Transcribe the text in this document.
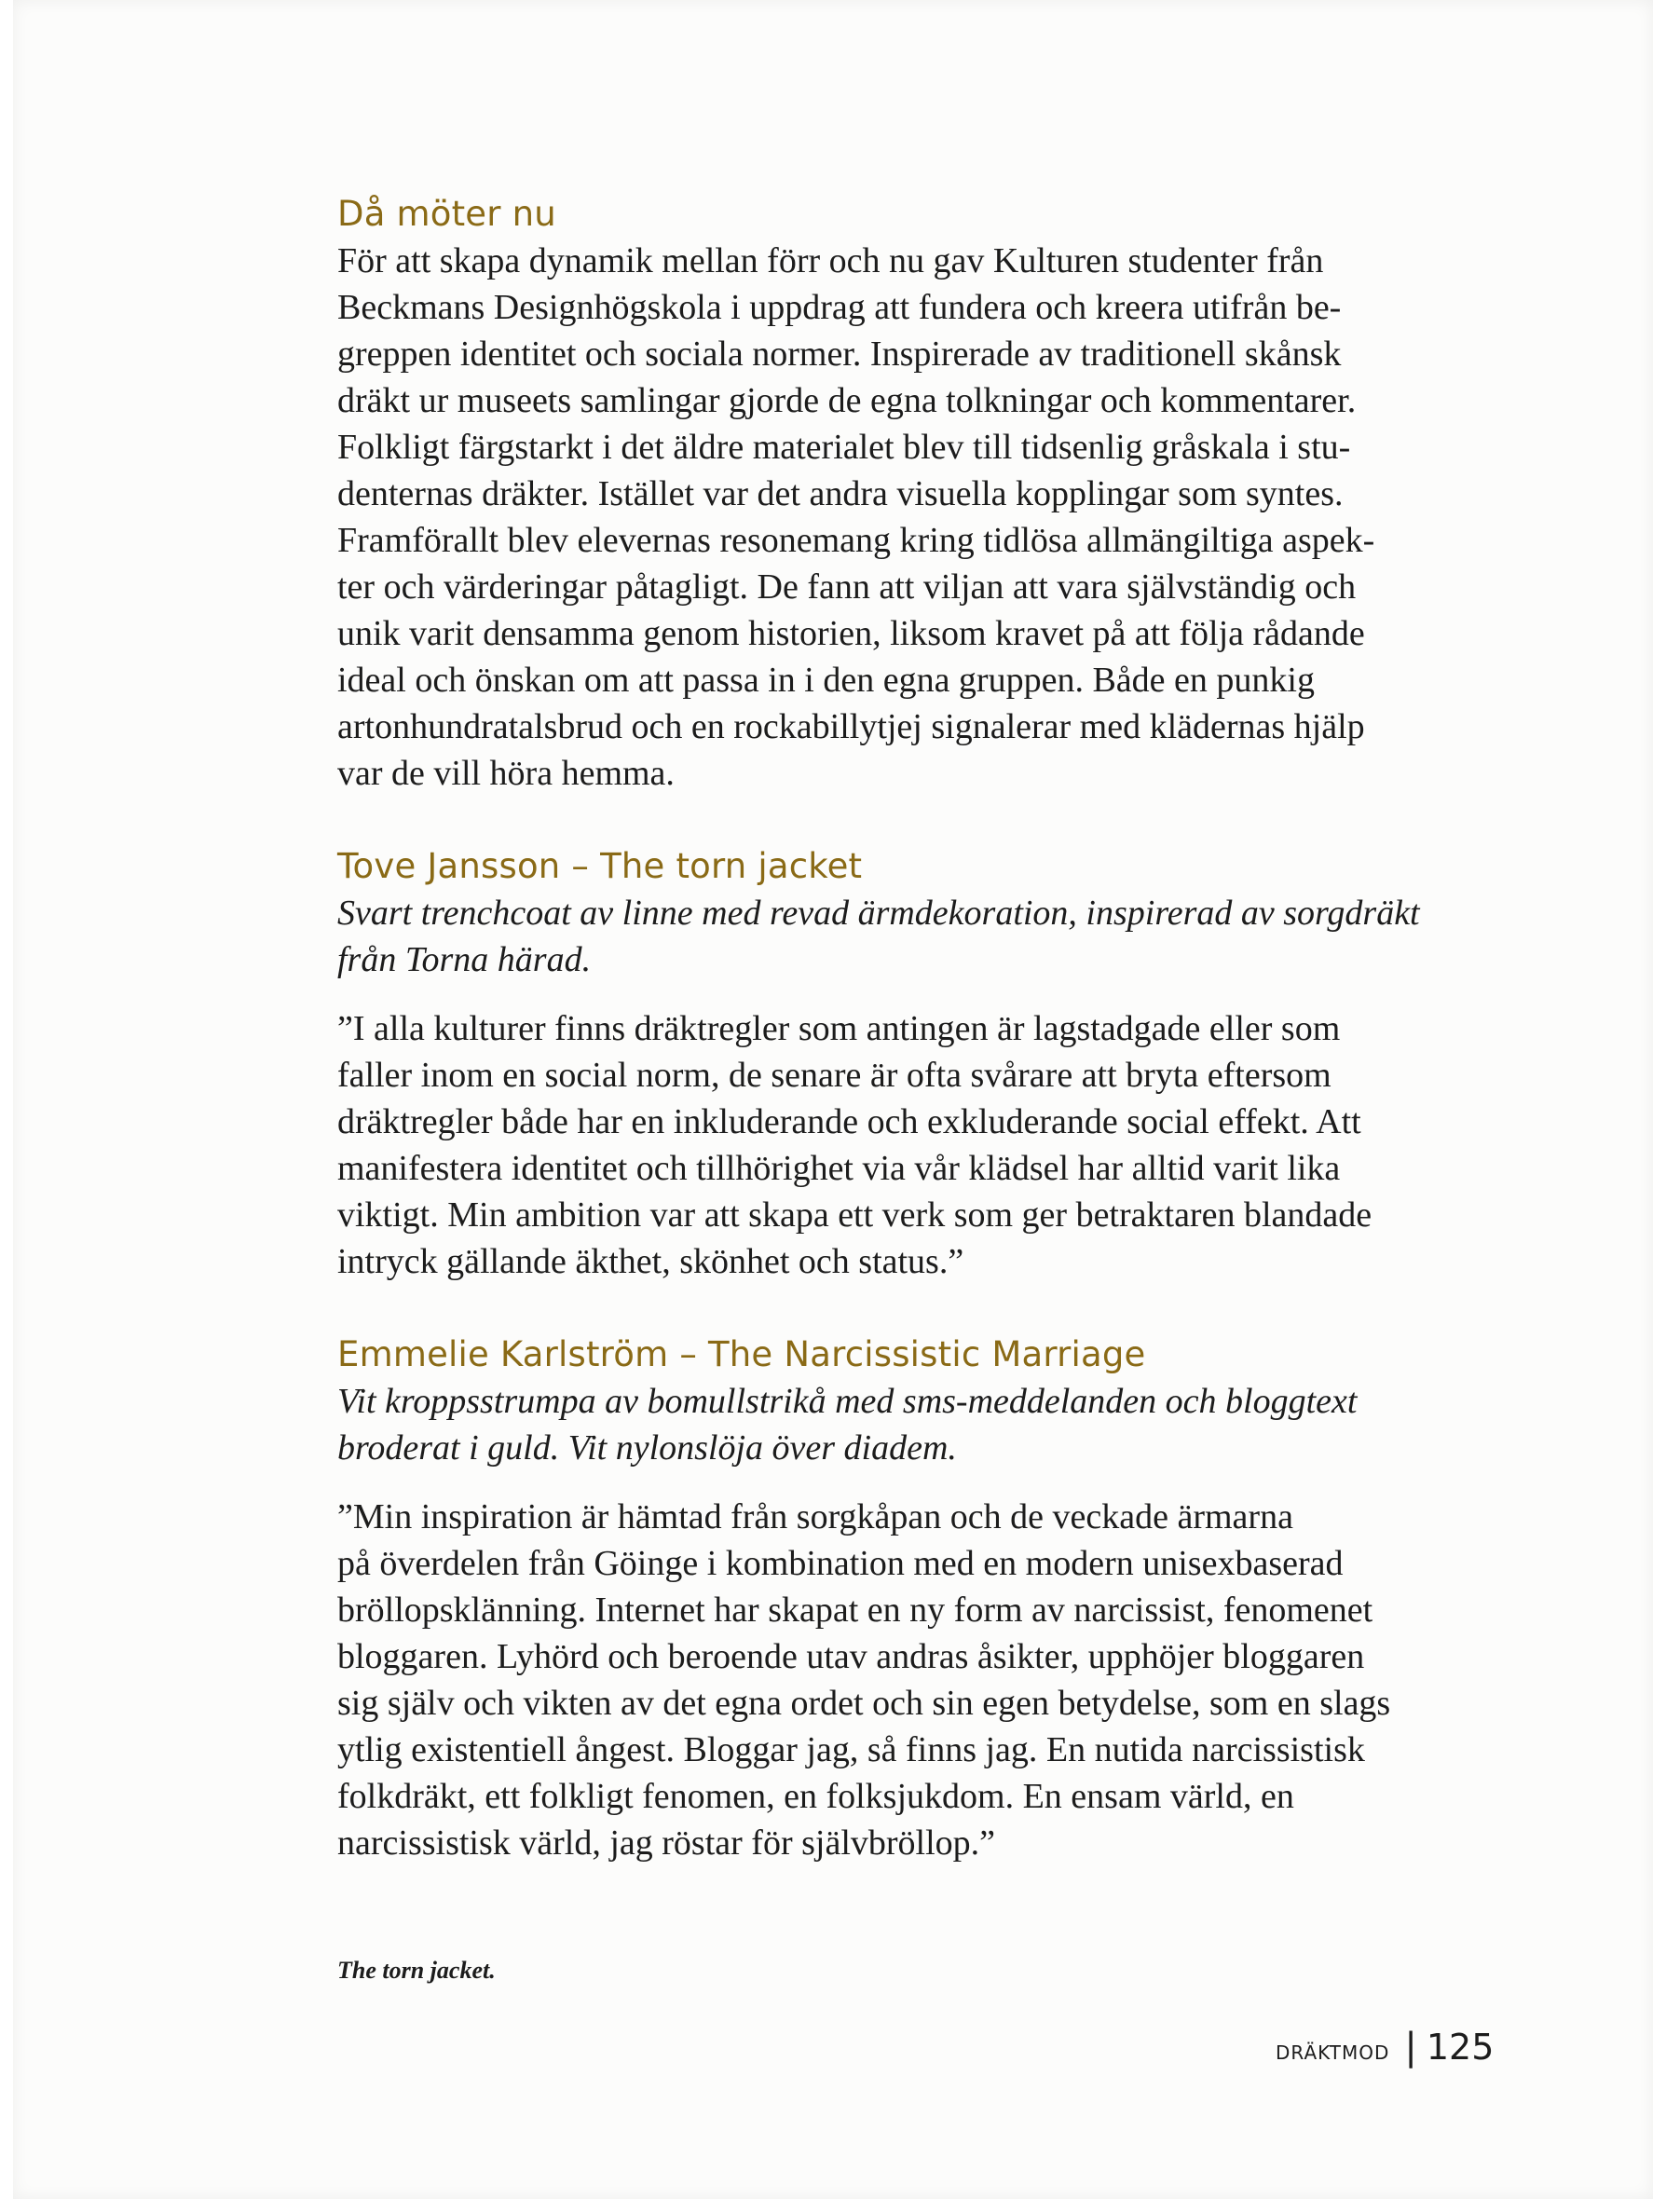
Då möter nu

För att skapa dynamik mellan förr och nu gav Kulturen studenter från
Beckmans Designhögskola i uppdrag att fundera och kreera utifrån be-
greppen identitet och sociala normer. Inspirerade av traditionell skånsk
dräkt ur museets samlingar gjorde de egna tolkningar och kommentarer.
Folkligt färgstarkt i det äldre materialet blev till tidsenlig gråskala i stu-
denternas dräkter. Istället var det andra visuella kopplingar som syntes.
Framförallt blev elevernas resonemang kring tidlösa allmängiltiga aspek-
ter och värderingar påtagligt. De fann att viljan att vara självständig och
unik varit densamma genom historien, liksom kravet på att följa rådande
ideal och önskan om att passa in i den egna gruppen. Både en punkig
artonhundratalsbrud och en rockabillytjej signalerar med klädernas hjälp
var de vill höra hemma.

Tove Jansson – The torn jacket

Svart trenchcoat av linne med revad ärmdekoration, inspirerad av sorgdräkt
från Torna härad.

”I alla kulturer finns dräktregler som antingen är lagstadgade eller som
faller inom en social norm, de senare är ofta svårare att bryta eftersom
dräktregler både har en inkluderande och exkluderande social effekt. Att
manifestera identitet och tillhörighet via vår klädsel har alltid varit lika
viktigt. Min ambition var att skapa ett verk som ger betraktaren blandade
intryck gällande äkthet, skönhet och status.”

Emmelie Karlström – The Narcissistic Marriage

Vit kroppsstrumpa av bomullstrikå med sms-meddelanden och bloggtext
broderat i guld. Vit nylonslöja över diadem.

”Min inspiration är hämtad från sorgkåpan och de veckade ärmarna
på överdelen från Göinge i kombination med en modern unisexbaserad
bröllopsklänning. Internet har skapat en ny form av narcissist, fenomenet
bloggaren. Lyhörd och beroende utav andras åsikter, upphöjer bloggaren
sig själv och vikten av det egna ordet och sin egen betydelse, som en slags
ytlig existentiell ångest. Bloggar jag, så finns jag. En nutida narcissistisk
folkdräkt, ett folkligt fenomen, en folksjukdom. En ensam värld, en
narcissistisk värld, jag röstar för självbröllop.”

The torn jacket.
DRÄKTMOD | 125
